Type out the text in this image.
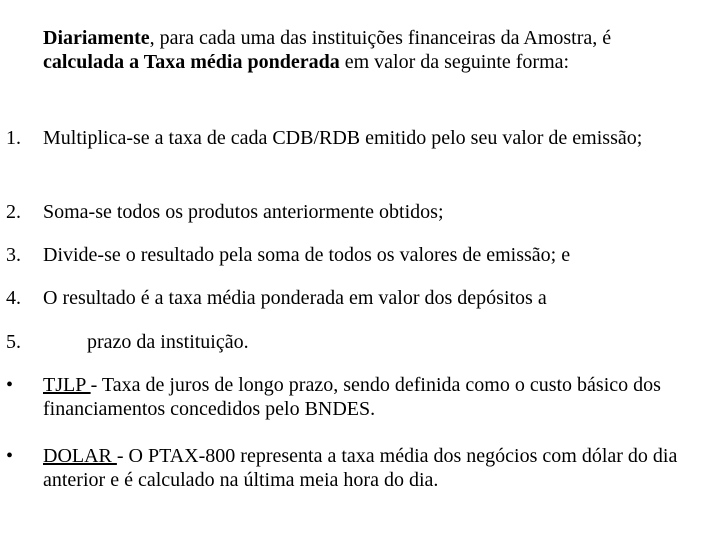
Diariamente, para cada uma das instituições financeiras da Amostra, é calculada a Taxa média ponderada em valor da seguinte forma:
1. Multiplica-se a taxa de cada CDB/RDB emitido pelo seu valor de emissão;
2. Soma-se todos os produtos anteriormente obtidos;
3. Divide-se o resultado pela soma de todos os valores de emissão; e
4. O resultado é a taxa média ponderada em valor dos depósitos a
5.	prazo da instituição.
• TJLP - Taxa de juros de longo prazo, sendo definida como o custo básico dos financiamentos concedidos pelo BNDES.
• DOLAR - O PTAX-800 representa a taxa média dos negócios com dólar do dia anterior e é calculado na última meia hora do dia.
